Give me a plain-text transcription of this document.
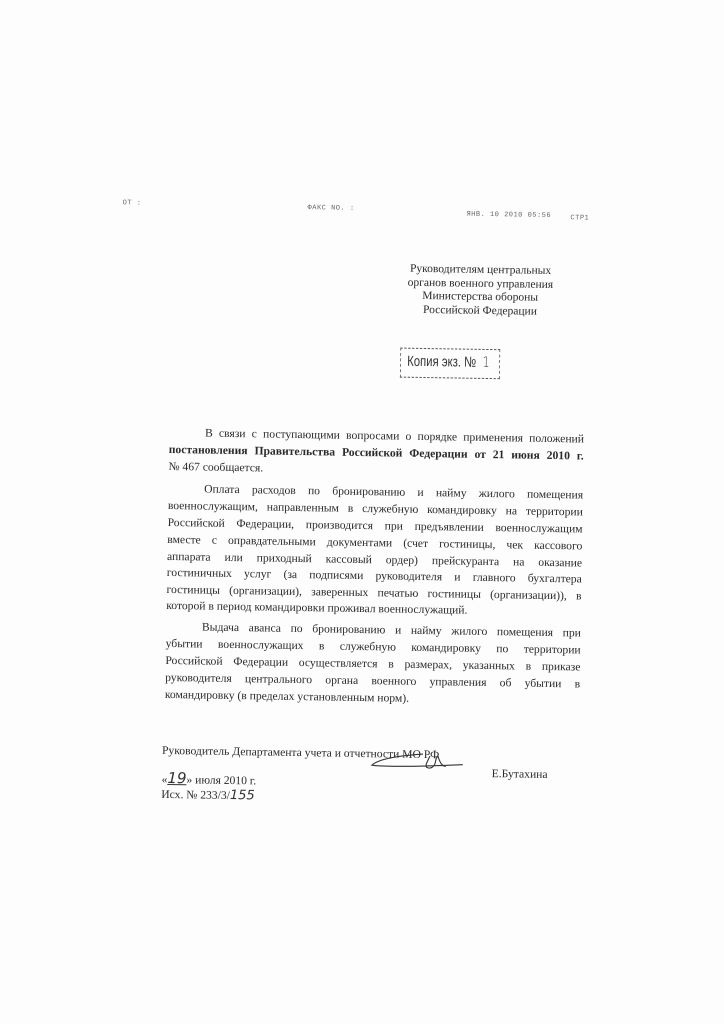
ОТ :
ФАКС NO. :
ЯНВ. 10 2010 05:56	СТР1
Руководителям центральных
органов военного управления
Министерства обороны
Российской Федерации
Копия экз. № 1
В связи с поступающими вопросами о порядке применения положений
постановления Правительства Российской Федерации от 21 июня 2010 г.
№ 467 сообщается.
Оплата расходов по бронированию и найму жилого помещения
военнослужащим, направленным в служебную командировку на территории
Российской Федерации, производится при предъявлении военнослужащим
вместе с оправдательными документами (счет гостиницы, чек кассового
аппарата или приходный кассовый ордер) прейскуранта на оказание
гостиничных услуг (за подписями руководителя и главного бухгалтера
гостиницы (организации), заверенных печатью гостиницы (организации)), в
которой в период командировки проживал военнослужащий.
Выдача аванса по бронированию и найму жилого помещения при
убытии военнослужащих в служебную командировку по территории
Российской Федерации осуществляется в размерах, указанных в приказе
руководителя центрального органа военного управления об убытии в
командировку (в пределах установленным норм).
Руководитель Департамента учета и отчетности МО РФ
Е.Бутахина
«19» июля 2010 г.
Исх. № 233/3/155
